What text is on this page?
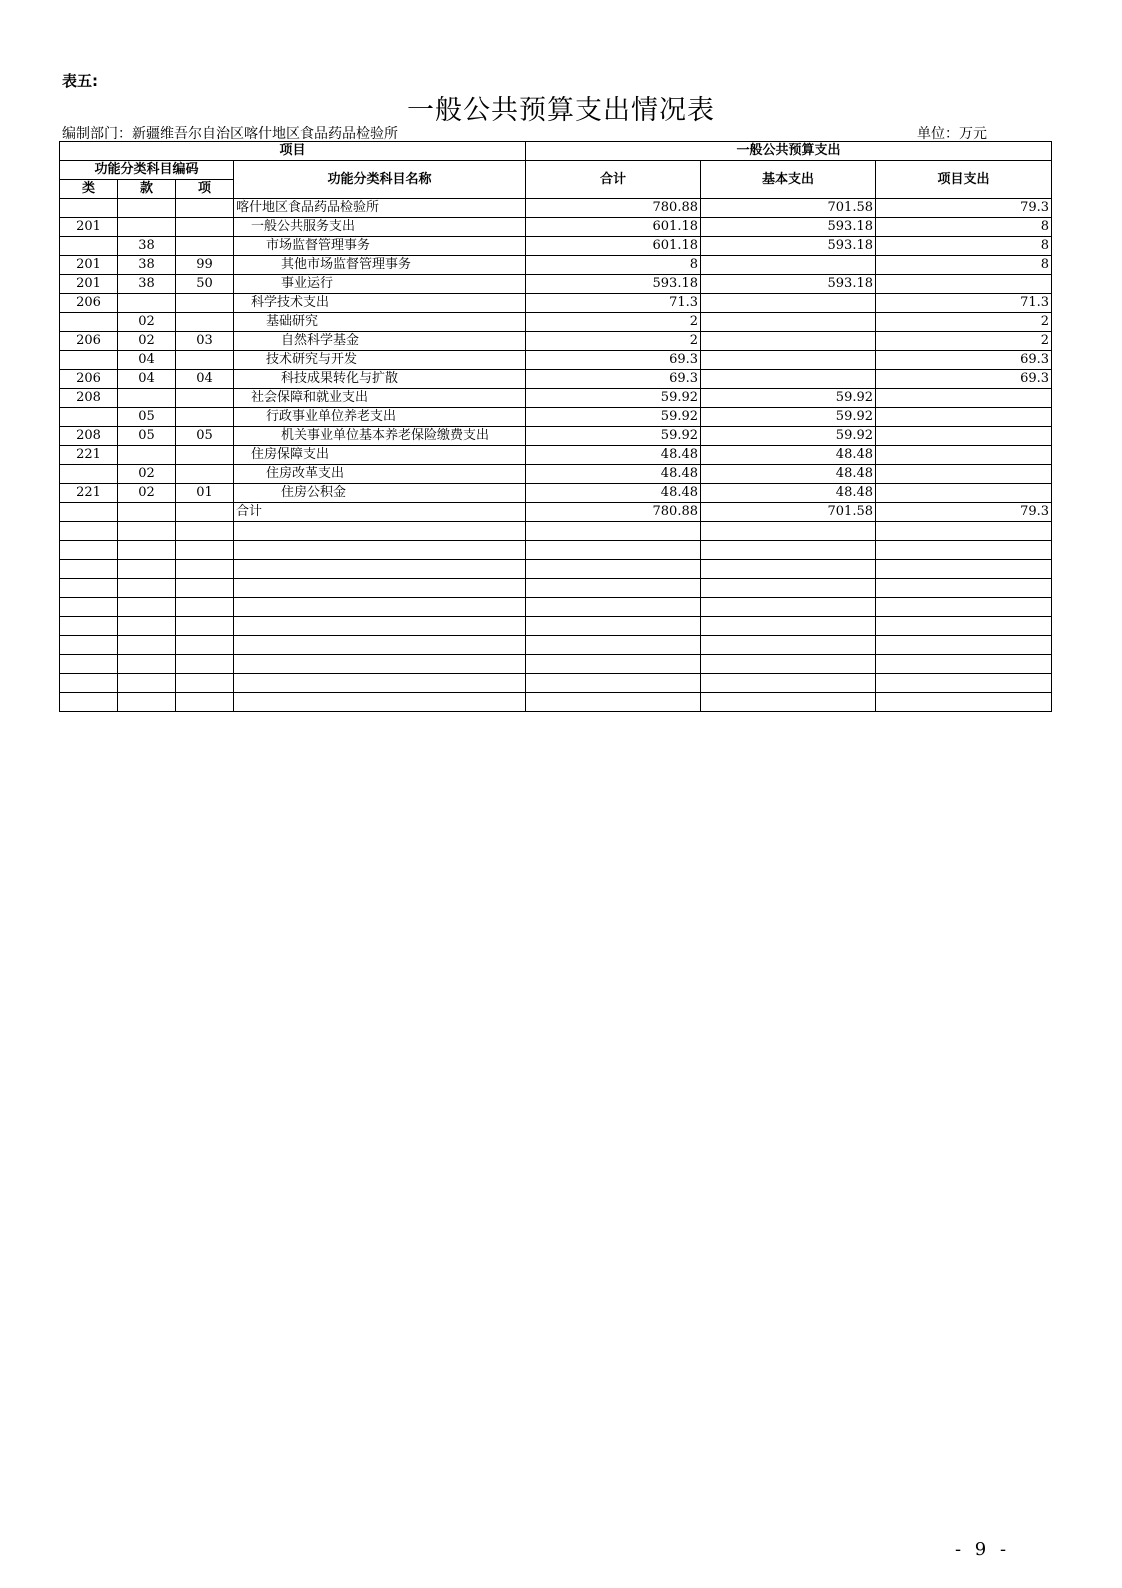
表五:
一般公共预算支出情况表
编制部门：新疆维吾尔自治区喀什地区食品药品检验所	单位：万元
项目				一般公共预算支出		
功能分类科目编码			功能分类科目名称	合计	基本支出	项目支出
类	款	项				
			喀什地区食品药品检验所	780.88	701.58	79.3
201			一般公共服务支出	601.18	593.18	8
	38		市场监督管理事务	601.18	593.18	8
201	38	99	其他市场监督管理事务	8		8
201	38	50	事业运行	593.18	593.18	
206			科学技术支出	71.3		71.3
	02		基础研究	2		2
206	02	03	自然科学基金	2		2
	04		技术研究与开发	69.3		69.3
206	04	04	科技成果转化与扩散	69.3		69.3
208			社会保障和就业支出	59.92	59.92	
	05		行政事业单位养老支出	59.92	59.92	
208	05	05	机关事业单位基本养老保险缴费支出	59.92	59.92	
221			住房保障支出	48.48	48.48	
	02		住房改革支出	48.48	48.48	
221	02	01	住房公积金	48.48	48.48	
			合计	780.88	701.58	79.3

- 9 -
